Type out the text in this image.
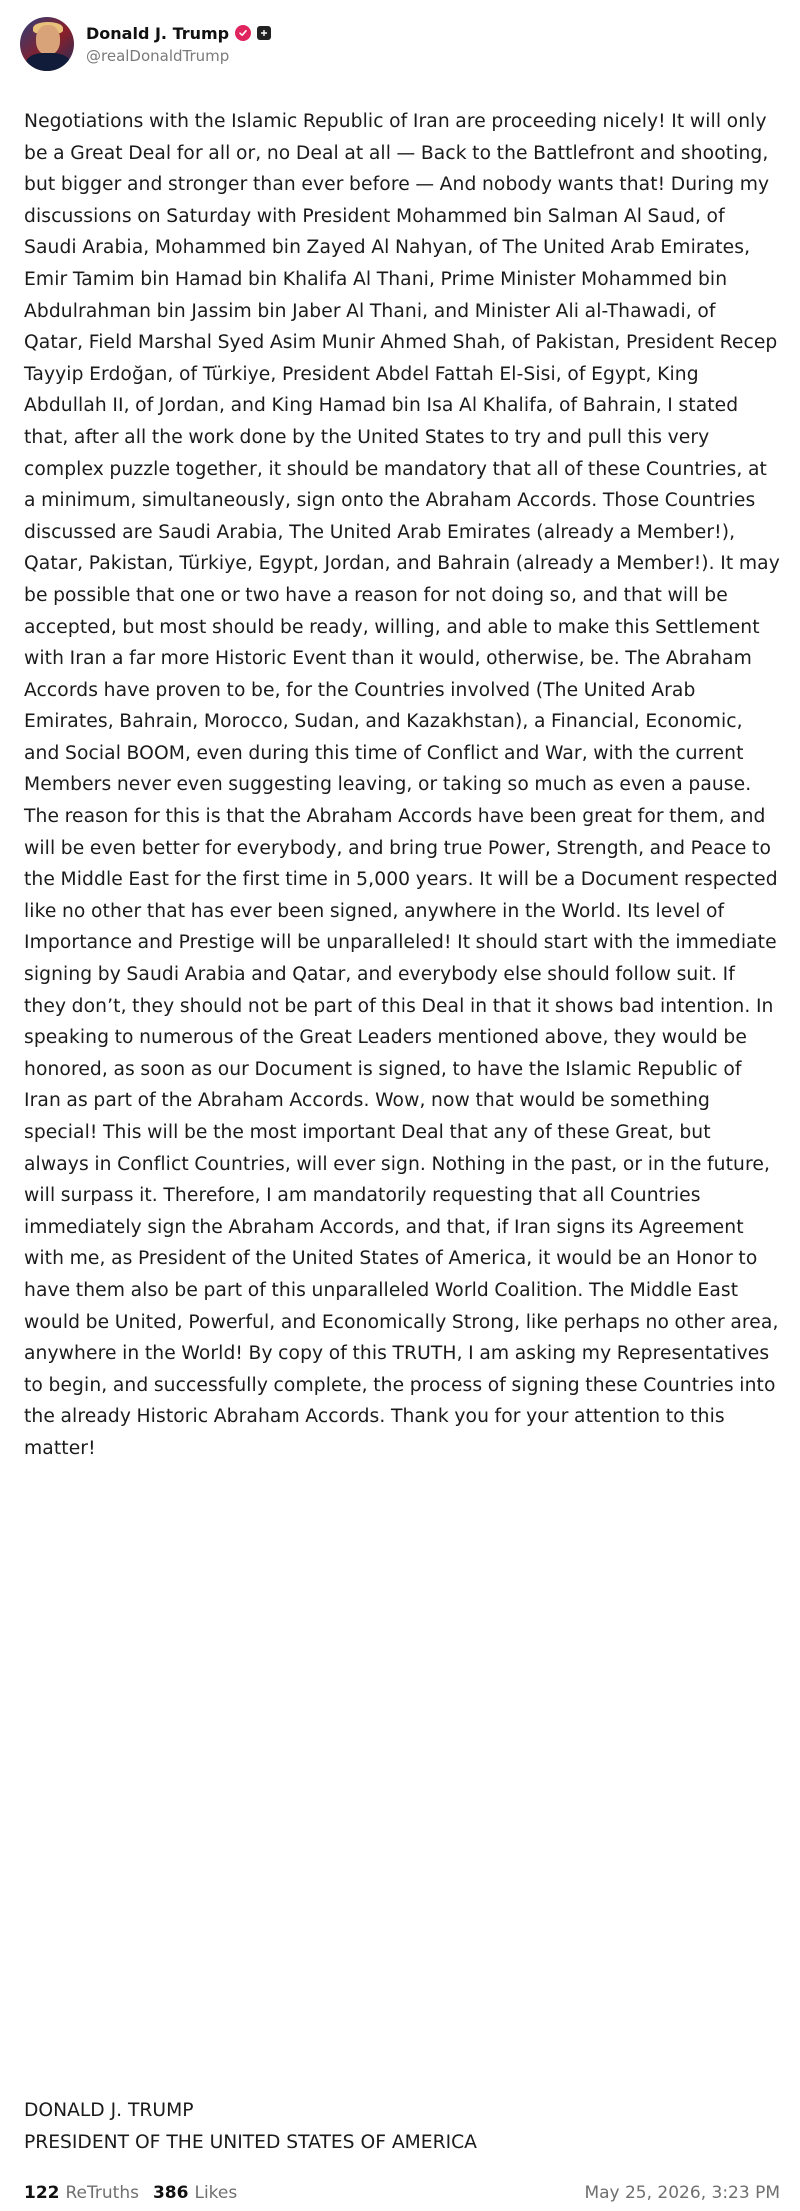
Donald J. Trump
@realDonaldTrump

Negotiations with the Islamic Republic of Iran are proceeding nicely! It will only be a Great Deal for all or, no Deal at all — Back to the Battlefront and shooting, but bigger and stronger than ever before — And nobody wants that! During my discussions on Saturday with President Mohammed bin Salman Al Saud, of Saudi Arabia, Mohammed bin Zayed Al Nahyan, of The United Arab Emirates, Emir Tamim bin Hamad bin Khalifa Al Thani, Prime Minister Mohammed bin Abdulrahman bin Jassim bin Jaber Al Thani, and Minister Ali al-Thawadi, of Qatar, Field Marshal Syed Asim Munir Ahmed Shah, of Pakistan, President Recep Tayyip Erdoğan, of Türkiye, President Abdel Fattah El-Sisi, of Egypt, King Abdullah II, of Jordan, and King Hamad bin Isa Al Khalifa, of Bahrain, I stated that, after all the work done by the United States to try and pull this very complex puzzle together, it should be mandatory that all of these Countries, at a minimum, simultaneously, sign onto the Abraham Accords. Those Countries discussed are Saudi Arabia, The United Arab Emirates (already a Member!), Qatar, Pakistan, Türkiye, Egypt, Jordan, and Bahrain (already a Member!). It may be possible that one or two have a reason for not doing so, and that will be accepted, but most should be ready, willing, and able to make this Settlement with Iran a far more Historic Event than it would, otherwise, be. The Abraham Accords have proven to be, for the Countries involved (The United Arab Emirates, Bahrain, Morocco, Sudan, and Kazakhstan), a Financial, Economic, and Social BOOM, even during this time of Conflict and War, with the current Members never even suggesting leaving, or taking so much as even a pause. The reason for this is that the Abraham Accords have been great for them, and will be even better for everybody, and bring true Power, Strength, and Peace to the Middle East for the first time in 5,000 years. It will be a Document respected like no other that has ever been signed, anywhere in the World. Its level of Importance and Prestige will be unparalleled! It should start with the immediate signing by Saudi Arabia and Qatar, and everybody else should follow suit. If they don’t, they should not be part of this Deal in that it shows bad intention. In speaking to numerous of the Great Leaders mentioned above, they would be honored, as soon as our Document is signed, to have the Islamic Republic of Iran as part of the Abraham Accords. Wow, now that would be something special! This will be the most important Deal that any of these Great, but always in Conflict Countries, will ever sign. Nothing in the past, or in the future, will surpass it. Therefore, I am mandatorily requesting that all Countries immediately sign the Abraham Accords, and that, if Iran signs its Agreement with me, as President of the United States of America, it would be an Honor to have them also be part of this unparalleled World Coalition. The Middle East would be United, Powerful, and Economically Strong, like perhaps no other area, anywhere in the World! By copy of this TRUTH, I am asking my Representatives to begin, and successfully complete, the process of signing these Countries into the already Historic Abraham Accords. Thank you for your attention to this matter!

DONALD J. TRUMP
PRESIDENT OF THE UNITED STATES OF AMERICA
122 ReTruths 386 Likes	May 25, 2026, 3:23 PM
